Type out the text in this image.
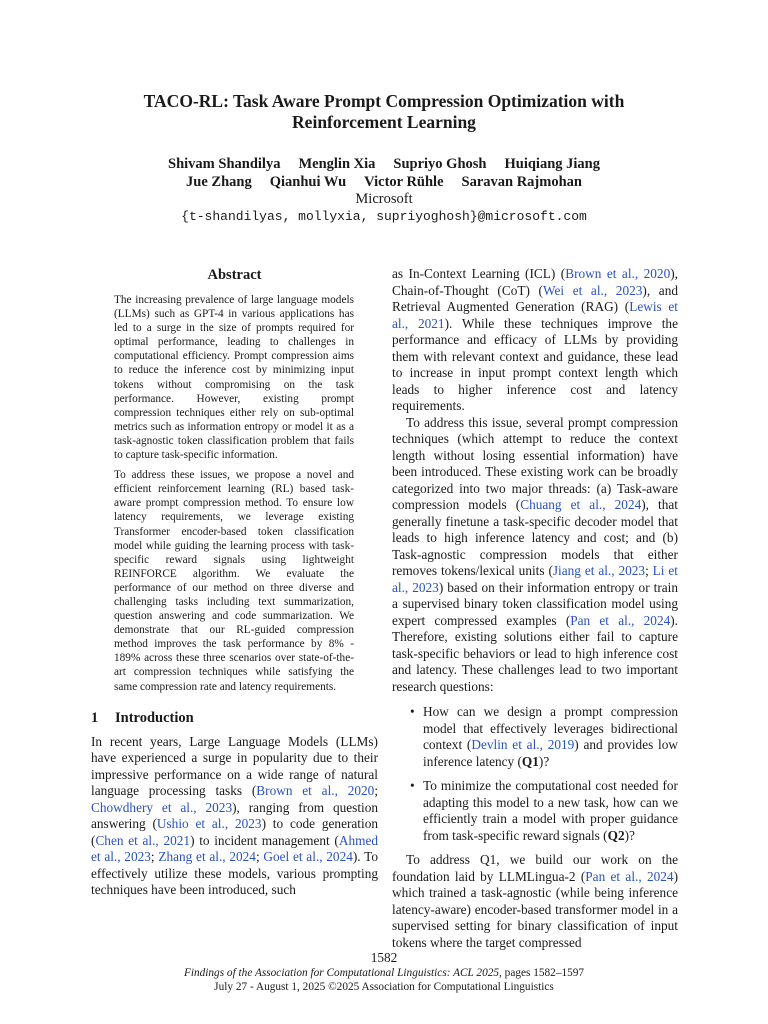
TACO-RL: Task Aware Prompt Compression Optimization with
Reinforcement Learning
Shivam Shandilya Menglin Xia Supriyo Ghosh Huiqiang Jiang
Jue Zhang Qianhui Wu Victor Rühle Saravan Rajmohan
Microsoft
{t-shandilyas, mollyxia, supriyoghosh}@microsoft.com
Abstract

The increasing prevalence of large language models (LLMs) such as GPT-4 in various applications has led to a surge in the size of prompts required for optimal performance, leading to challenges in computational efficiency. Prompt compression aims to reduce the inference cost by minimizing input tokens without compromising on the task performance. However, existing prompt compression techniques either rely on sub-optimal metrics such as information entropy or model it as a task-agnostic token classification problem that fails to capture task-specific information.

To address these issues, we propose a novel and efficient reinforcement learning (RL) based task-aware prompt compression method. To ensure low latency requirements, we leverage existing Transformer encoder-based token classification model while guiding the learning process with task-specific reward signals using lightweight REINFORCE algorithm. We evaluate the performance of our method on three diverse and challenging tasks including text summarization, question answering and code summarization. We demonstrate that our RL-guided compression method improves the task performance by 8% - 189% across these three scenarios over state-of-the-art compression techniques while satisfying the same compression rate and latency requirements.

1 Introduction

In recent years, Large Language Models (LLMs) have experienced a surge in popularity due to their impressive performance on a wide range of natural language processing tasks (Brown et al., 2020; Chowdhery et al., 2023), ranging from question answering (Ushio et al., 2023) to code generation (Chen et al., 2021) to incident management (Ahmed et al., 2023; Zhang et al., 2024; Goel et al., 2024). To effectively utilize these models, various prompting techniques have been introduced, such

as In-Context Learning (ICL) (Brown et al., 2020), Chain-of-Thought (CoT) (Wei et al., 2023), and Retrieval Augmented Generation (RAG) (Lewis et al., 2021). While these techniques improve the performance and efficacy of LLMs by providing them with relevant context and guidance, these lead to increase in input prompt context length which leads to higher inference cost and latency requirements.

To address this issue, several prompt compression techniques (which attempt to reduce the context length without losing essential information) have been introduced. These existing work can be broadly categorized into two major threads: (a) Task-aware compression models (Chuang et al., 2024), that generally finetune a task-specific decoder model that leads to high inference latency and cost; and (b) Task-agnostic compression models that either removes tokens/lexical units (Jiang et al., 2023; Li et al., 2023) based on their information entropy or train a supervised binary token classification model using expert compressed examples (Pan et al., 2024). Therefore, existing solutions either fail to capture task-specific behaviors or lead to high inference cost and latency. These challenges lead to two important research questions:

• How can we design a prompt compression model that effectively leverages bidirectional context (Devlin et al., 2019) and provides low inference latency (Q1)?
• To minimize the computational cost needed for adapting this model to a new task, how can we efficiently train a model with proper guidance from task-specific reward signals (Q2)?

To address Q1, we build our work on the foundation laid by LLMLingua-2 (Pan et al., 2024) which trained a task-agnostic (while being inference latency-aware) encoder-based transformer model in a supervised setting for binary classification of input tokens where the target compressed

1582
Findings of the Association for Computational Linguistics: ACL 2025, pages 1582–1597
July 27 - August 1, 2025 ©2025 Association for Computational Linguistics
